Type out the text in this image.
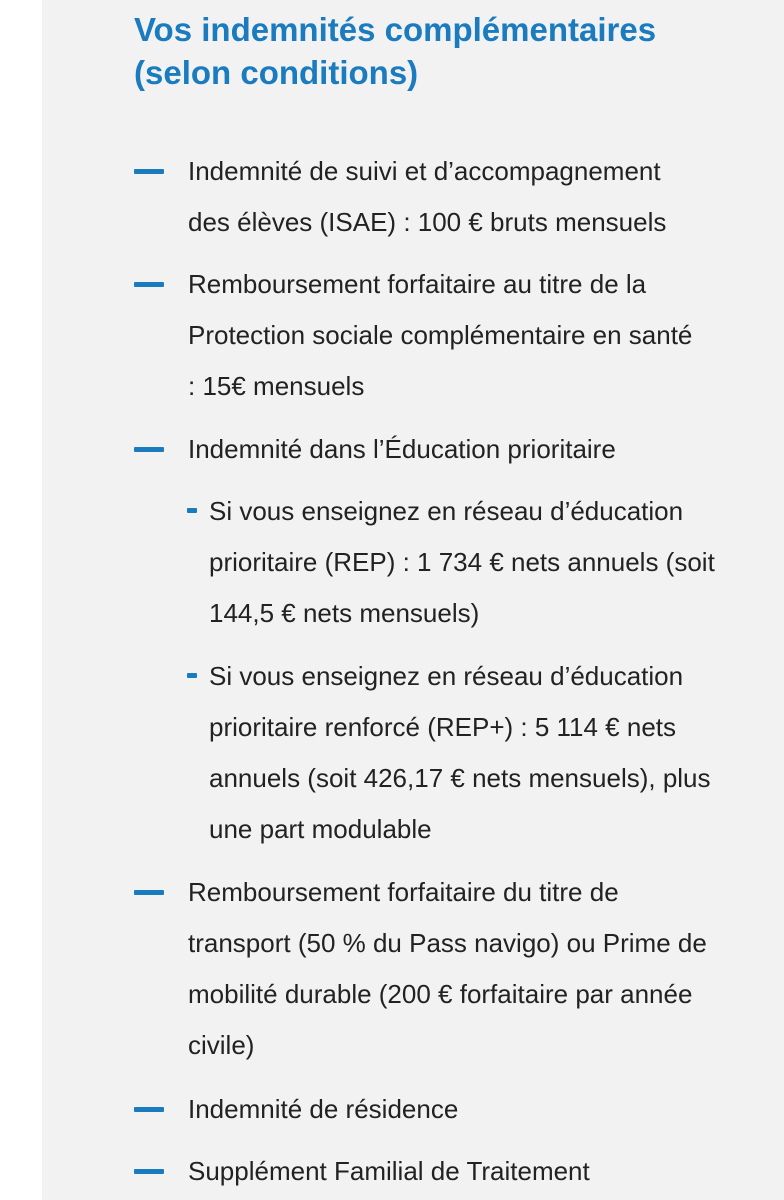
Vos indemnités complémentaires
(selon conditions)
Indemnité de suivi et d’accompagnement
des élèves (ISAE) : 100 € bruts mensuels
Remboursement forfaitaire au titre de la
Protection sociale complémentaire en santé
: 15€ mensuels
Indemnité dans l’Éducation prioritaire
Si vous enseignez en réseau d’éducation
prioritaire (REP) : 1 734 € nets annuels (soit
144,5 € nets mensuels)
Si vous enseignez en réseau d’éducation
prioritaire renforcé (REP+) : 5 114 € nets
annuels (soit 426,17 € nets mensuels), plus
une part modulable
Remboursement forfaitaire du titre de
transport (50 % du Pass navigo) ou Prime de
mobilité durable (200 € forfaitaire par année
civile)
Indemnité de résidence
Supplément Familial de Traitement
